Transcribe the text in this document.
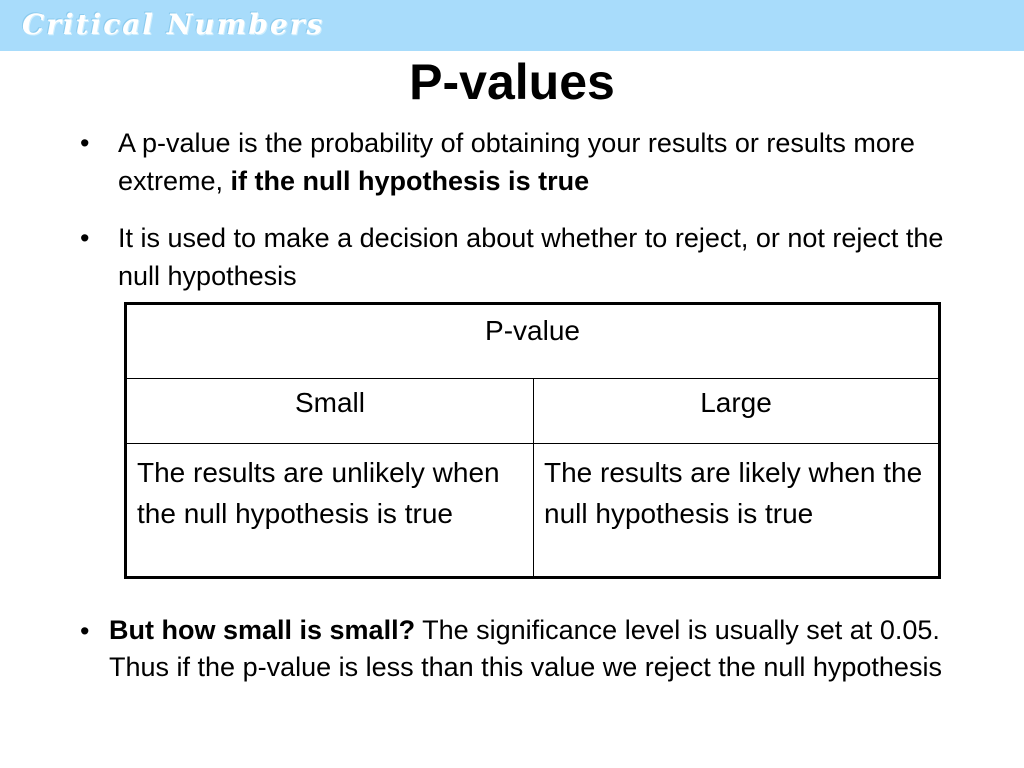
Critical Numbers
P-values
• A p-value is the probability of obtaining your results or results more extreme, if the null hypothesis is true
• It is used to make a decision about whether to reject, or not reject the null hypothesis
P-value	
Small	Large
The results are unlikely when the null hypothesis is true	The results are likely when the null hypothesis is true
• But how small is small? The significance level is usually set at 0.05. Thus if the p-value is less than this value we reject the null hypothesis
